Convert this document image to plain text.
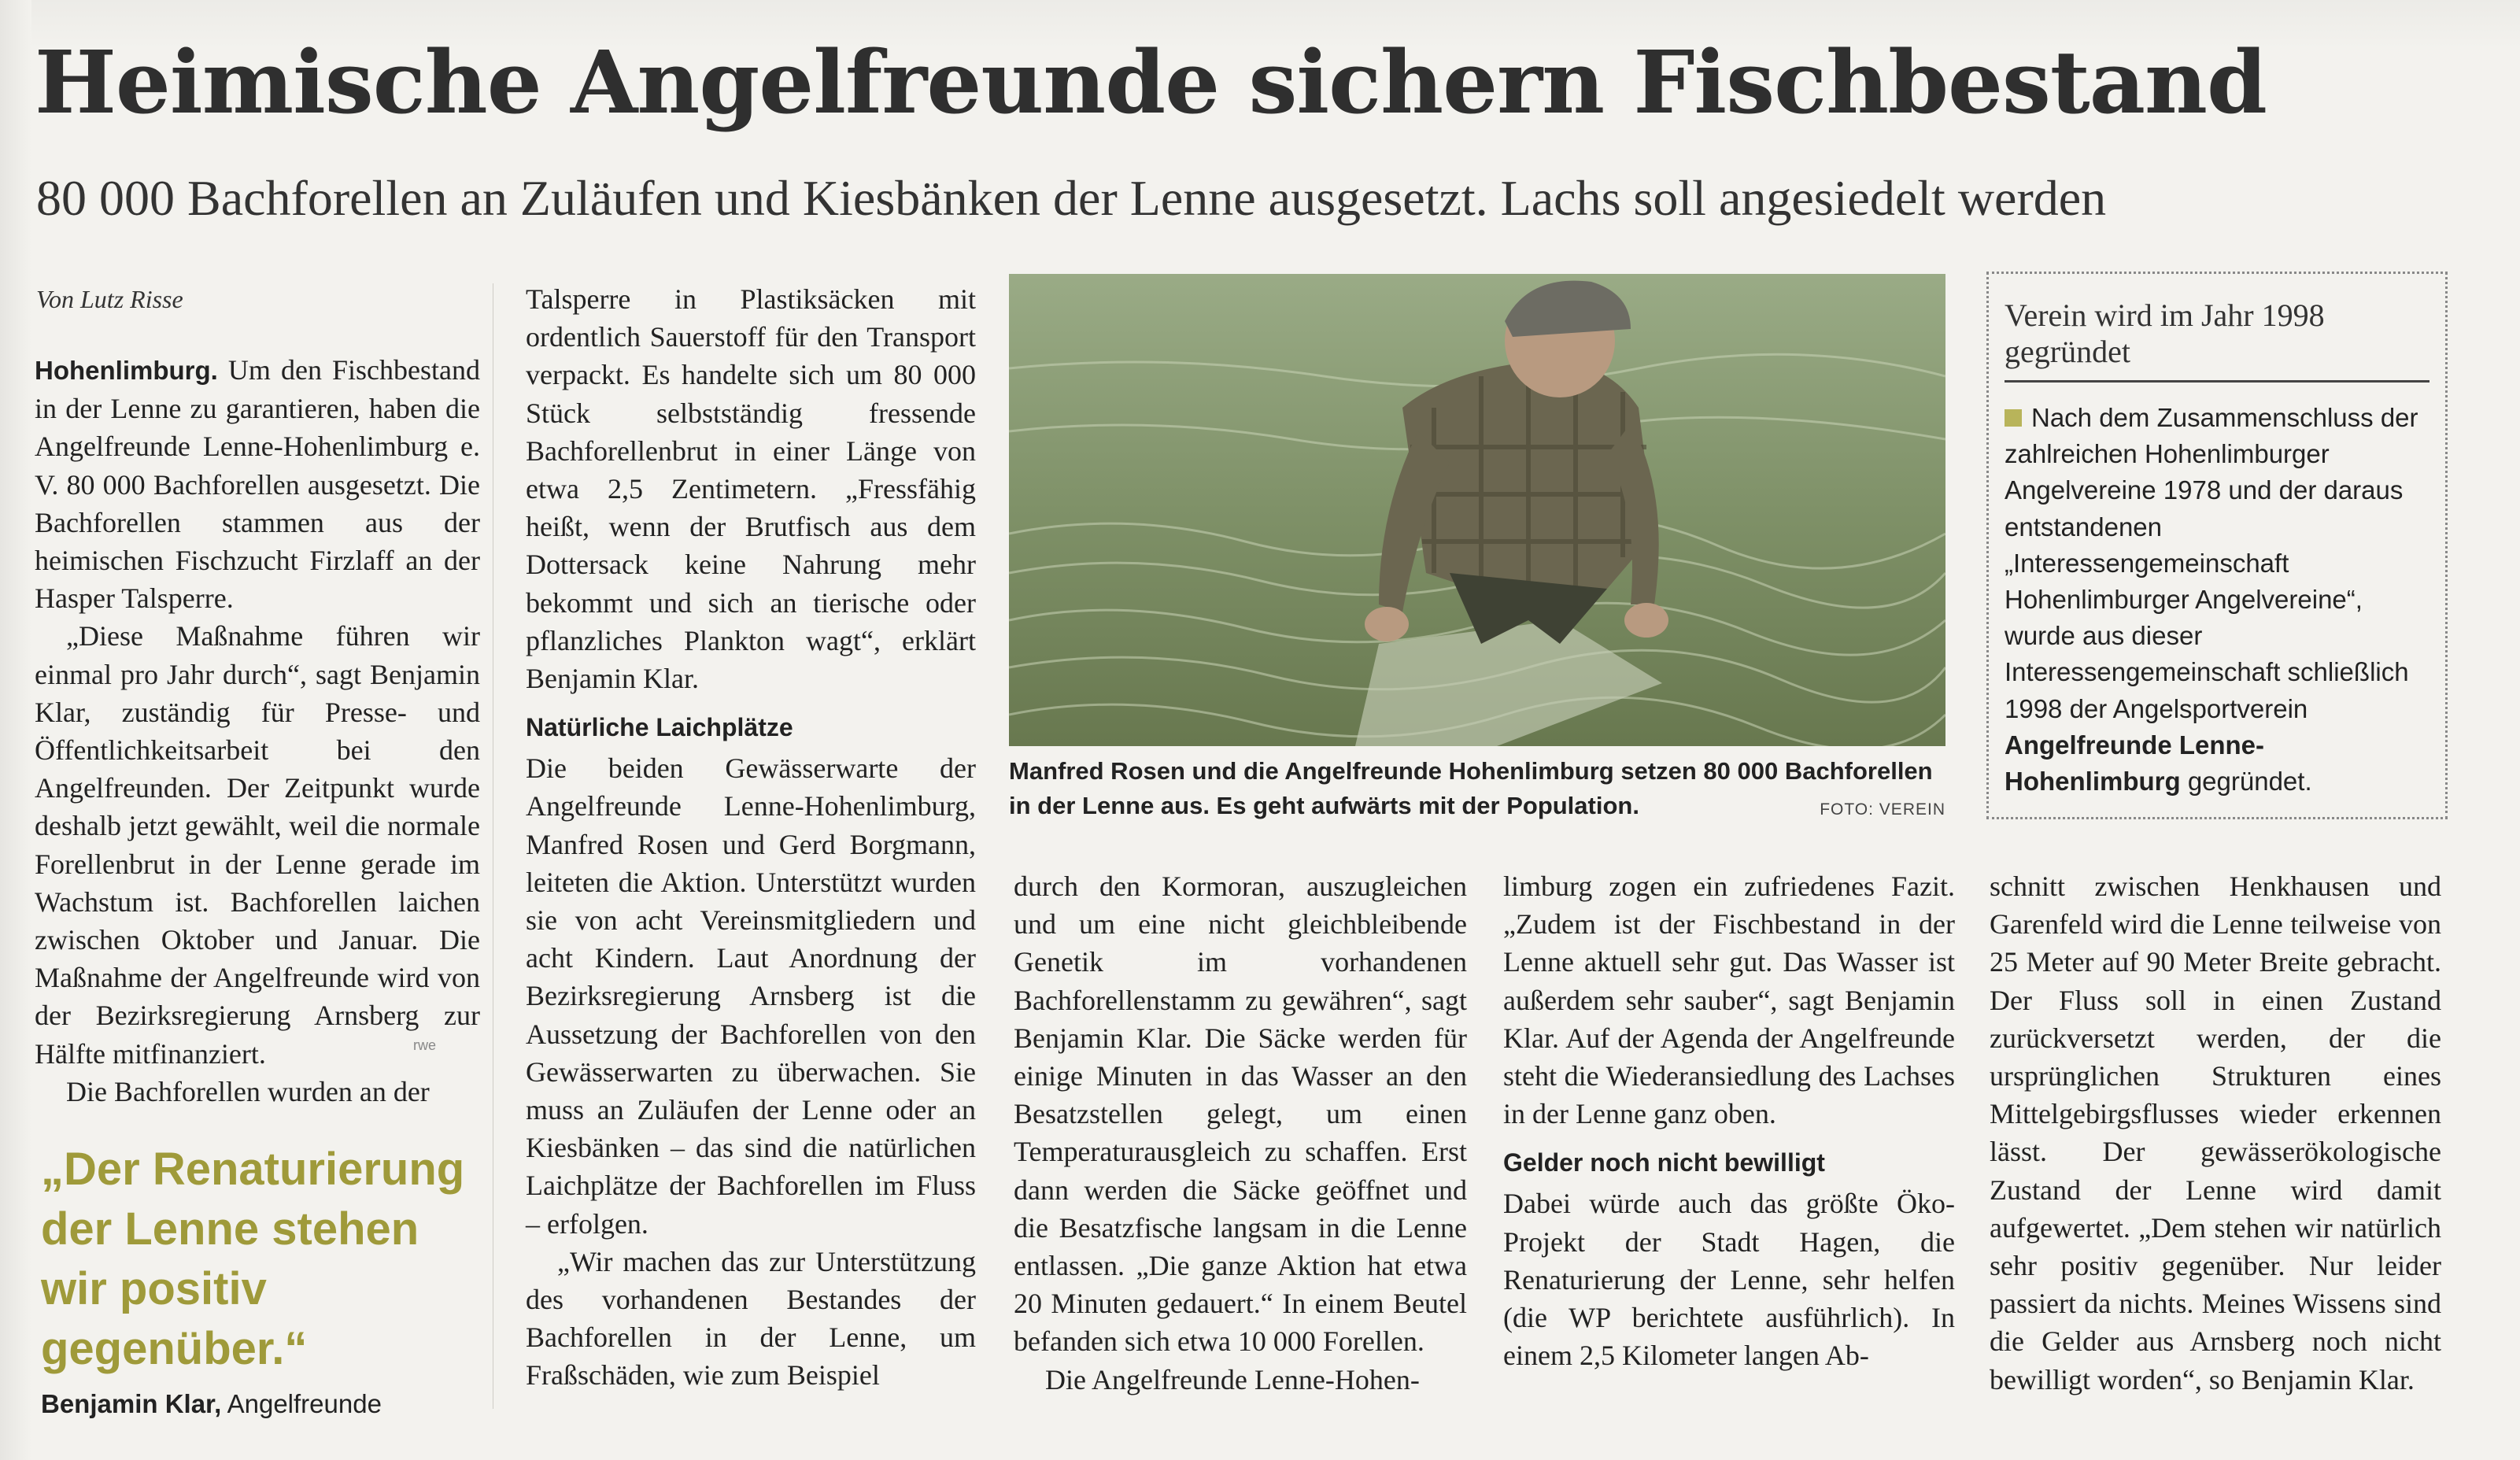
Heimische Angelfreunde sichern Fischbestand
80 000 Bachforellen an Zuläufen und Kiesbänken der Lenne ausgesetzt. Lachs soll angesiedelt werden
Von Lutz Risse

Hohenlimburg. Um den Fischbestand in der Lenne zu garantieren, haben die Angelfreunde Lenne-Hohenlimburg e. V. 80 000 Bachforellen ausgesetzt. Die Bachforellen stammen aus der heimischen Fischzucht Firzlaff an der Hasper Talsperre.

„Diese Maßnahme führen wir einmal pro Jahr durch“, sagt Benjamin Klar, zuständig für Presse- und Öffentlichkeitsarbeit bei den Angelfreunden. Der Zeitpunkt wurde deshalb jetzt gewählt, weil die normale Forellenbrut in der Lenne gerade im Wachstum ist. Bachforellen laichen zwischen Oktober und Januar. Die Maßnahme der Angelfreunde wird von der Bezirksregierung Arnsberg zur Hälfte mitfinanziert.

Die Bachforellen wurden an der

rwe

Talsperre in Plastiksäcken mit ordentlich Sauerstoff für den Transport verpackt. Es handelte sich um 80 000 Stück selbstständig fressende Bachforellenbrut in einer Länge von etwa 2,5 Zentimetern. „Fressfähig heißt, wenn der Brutfisch aus dem Dottersack keine Nahrung mehr bekommt und sich an tierische oder pflanzliches Plankton wagt“, erklärt Benjamin Klar.

Natürliche Laichplätze

Die beiden Gewässerwarte der Angelfreunde Lenne-Hohenlimburg, Manfred Rosen und Gerd Borgmann, leiteten die Aktion. Unterstützt wurden sie von acht Vereinsmitgliedern und acht Kindern. Laut Anordnung der Bezirksregierung Arnsberg ist die Aussetzung der Bachforellen von den Gewässerwarten zu überwachen. Sie muss an Zuläufen der Lenne oder an Kiesbänken – das sind die natürlichen Laichplätze der Bachforellen im Fluss – erfolgen.

„Wir machen das zur Unterstützung des vorhandenen Bestandes der Bachforellen in der Lenne, um Fraßschäden, wie zum Beispiel

Manfred Rosen und die Angelfreunde Hohenlimburg setzen 80 000 Bachforellen in der Lenne aus. Es geht aufwärts mit der Population.	FOTO: VEREIN

durch den Kormoran, auszugleichen und um eine nicht gleichbleibende Genetik im vorhandenen Bachforellenstamm zu gewähren“, sagt Benjamin Klar. Die Säcke werden für einige Minuten in das Wasser an den Besatzstellen gelegt, um einen Temperaturausgleich zu schaffen. Erst dann werden die Säcke geöffnet und die Besatzfische langsam in die Lenne entlassen. „Die ganze Aktion hat etwa 20 Minuten gedauert.“ In einem Beutel befanden sich etwa 10 000 Forellen.

Die Angelfreunde Lenne-Hohen-

limburg zogen ein zufriedenes Fazit. „Zudem ist der Fischbestand in der Lenne aktuell sehr gut. Das Wasser ist außerdem sehr sauber“, sagt Benjamin Klar. Auf der Agenda der Angelfreunde steht die Wiederansiedlung des Lachses in der Lenne ganz oben.

Gelder noch nicht bewilligt

Dabei würde auch das größte Öko-Projekt der Stadt Hagen, die Renaturierung der Lenne, sehr helfen (die WP berichtete ausführlich). In einem 2,5 Kilometer langen Ab-

Verein wird im Jahr 1998 gegründet
Nach dem Zusammenschluss der zahlreichen Hohenlimburger Angelvereine 1978 und der daraus entstandenen „Interessengemeinschaft Hohenlimburger Angelvereine“, wurde aus dieser Interessengemeinschaft schließlich 1998 der Angelsportverein Angelfreunde Lenne-Hohenlimburg gegründet.

schnitt zwischen Henkhausen und Garenfeld wird die Lenne teilweise von 25 Meter auf 90 Meter Breite gebracht. Der Fluss soll in einen Zustand zurückversetzt werden, der die ursprünglichen Strukturen eines Mittelgebirgsflusses wieder erkennen lässt. Der gewässerökologische Zustand der Lenne wird damit aufgewertet. „Dem stehen wir natürlich sehr positiv gegenüber. Nur leider passiert da nichts. Meines Wissens sind die Gelder aus Arnsberg noch nicht bewilligt worden“, so Benjamin Klar.

„Der Renaturierung der Lenne stehen wir positiv gegenüber.“
Benjamin Klar, Angelfreunde
